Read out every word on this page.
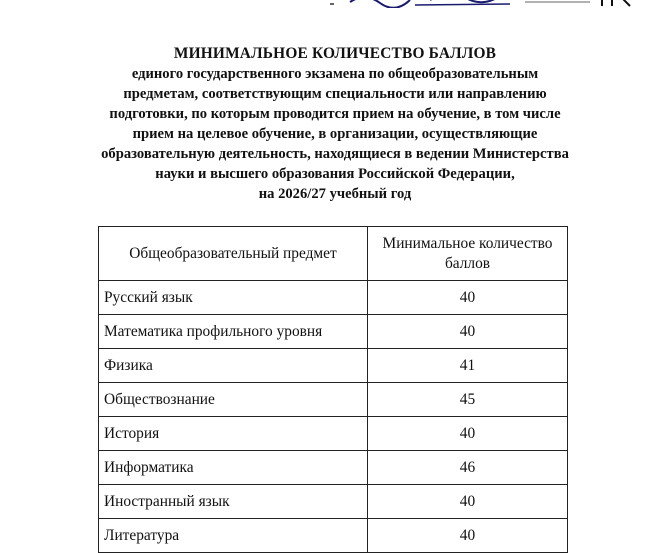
МИНИМАЛЬНОЕ КОЛИЧЕСТВО БАЛЛОВ
единого государственного экзамена по общеобразовательным
предметам, соответствующим специальности или направлению
подготовки, по которым проводится прием на обучение, в том числе
прием на целевое обучение, в организации, осуществляющие
образовательную деятельность, находящиеся в ведении Министерства
науки и высшего образования Российской Федерации,
на 2026/27 учебный год
Общеобразовательный предмет	Минимальное количество баллов
Русский язык	40
Математика профильного уровня	40
Физика	41
Обществознание	45
История	40
Информатика	46
Иностранный язык	40
Литература	40
